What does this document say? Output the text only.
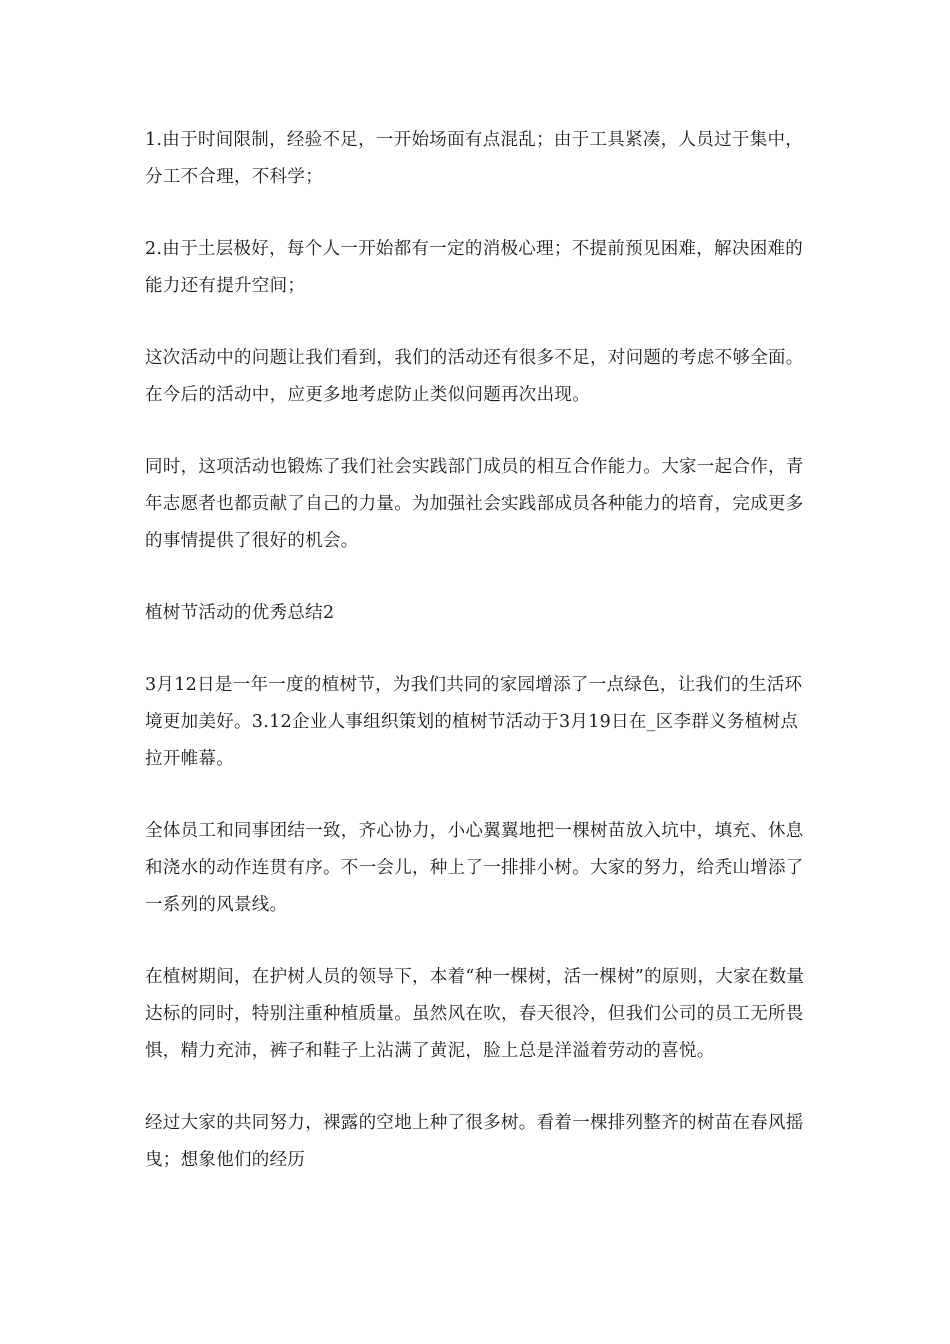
1.由于时间限制，经验不足，一开始场面有点混乱；由于工具紧凑，人员过于集中，分工不合理，不科学；

2.由于土层极好，每个人一开始都有一定的消极心理；不提前预见困难，解决困难的能力还有提升空间；

这次活动中的问题让我们看到，我们的活动还有很多不足，对问题的考虑不够全面。在今后的活动中，应更多地考虑防止类似问题再次出现。

同时，这项活动也锻炼了我们社会实践部门成员的相互合作能力。大家一起合作，青年志愿者也都贡献了自己的力量。为加强社会实践部成员各种能力的培育，完成更多的事情提供了很好的机会。

植树节活动的优秀总结2

3月12日是一年一度的植树节，为我们共同的家园增添了一点绿色，让我们的生活环境更加美好。3.12企业人事组织策划的植树节活动于3月19日在_区李群义务植树点拉开帷幕。

全体员工和同事团结一致，齐心协力，小心翼翼地把一棵树苗放入坑中，填充、休息和浇水的动作连贯有序。不一会儿，种上了一排排小树。大家的努力，给秃山增添了一系列的风景线。

在植树期间，在护树人员的领导下，本着“种一棵树，活一棵树”的原则，大家在数量达标的同时，特别注重种植质量。虽然风在吹，春天很冷，但我们公司的员工无所畏惧，精力充沛，裤子和鞋子上沾满了黄泥，脸上总是洋溢着劳动的喜悦。

经过大家的共同努力，裸露的空地上种了很多树。看着一棵排列整齐的树苗在春风摇曳；想象他们的经历
